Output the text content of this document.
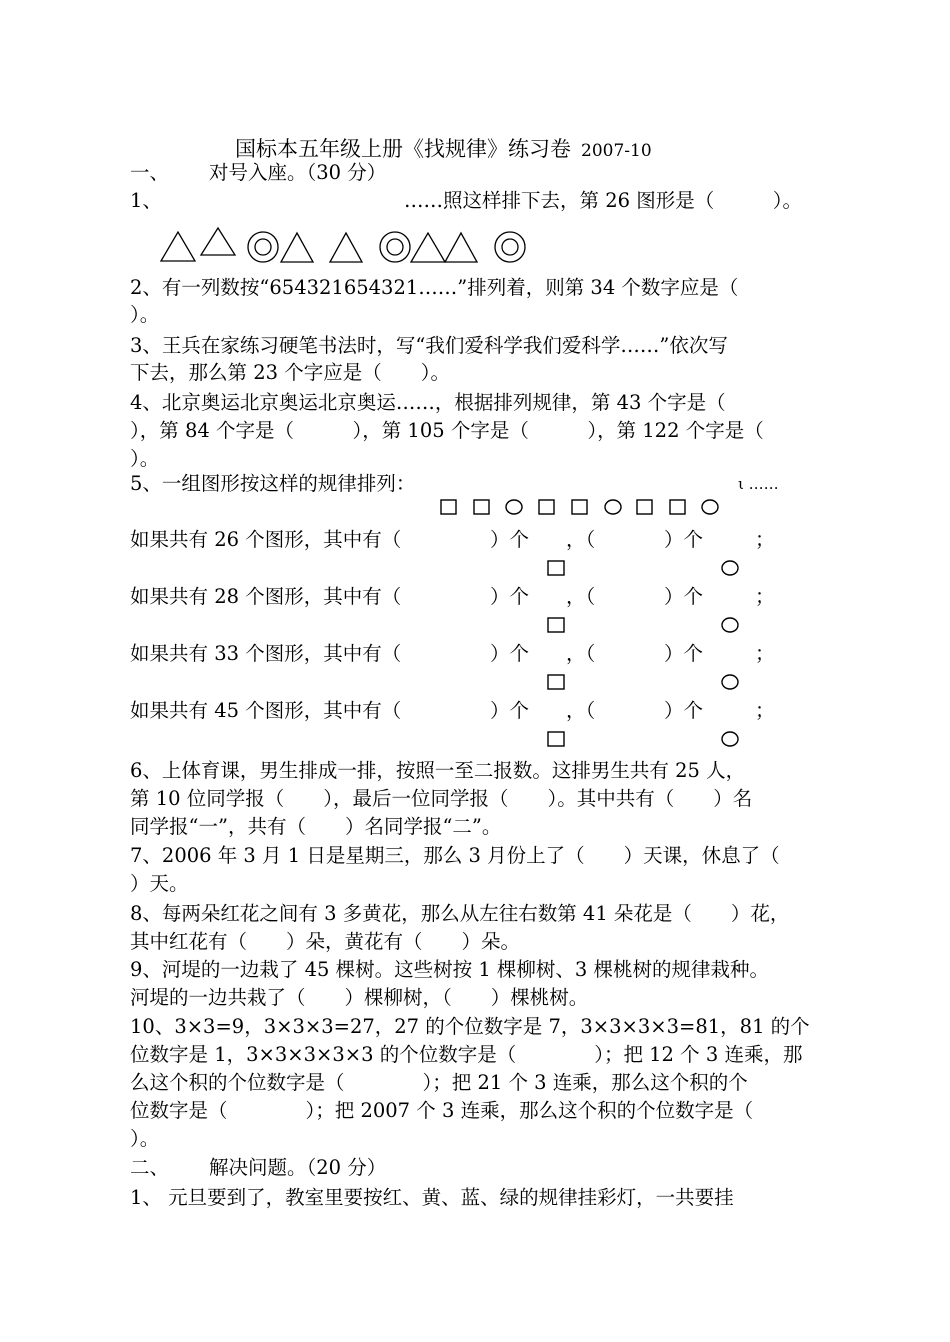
国标本五年级上册《找规律》练习卷 2007-10
一、 对号入座。（30 分）
1、	……照这样排下去，第 26 图形是（　　　）。
2、有一列数按“654321654321……”排列着，则第 34 个数字应是（
）。
3、王兵在家练习硬笔书法时，写“我们爱科学我们爱科学……”依次写
下去，那么第 23 个字应是（　　）。
4、北京奥运北京奥运北京奥运……，根据排列规律，第 43 个字是（
），第 84 个字是（　　　），第 105 个字是（　　　），第 122 个字是（
）。
5、一组图形按这样的规律排列：	ι ……
如果共有 26 个图形，其中有（	）个 ，（	）个	；
如果共有 28 个图形，其中有（	）个 ，（	）个	；
如果共有 33 个图形，其中有（	）个 ，（	）个	；
如果共有 45 个图形，其中有（	）个 ，（	）个	；
6、上体育课，男生排成一排，按照一至二报数。这排男生共有 25 人，
第 10 位同学报（　　），最后一位同学报（　　）。其中共有（　　）名
同学报“一”，共有（　　）名同学报“二”。
7、2006 年 3 月 1 日是星期三，那么 3 月份上了（　　）天课，休息了（
）天。
8、每两朵红花之间有 3 多黄花，那么从左往右数第 41 朵花是（　　）花，
其中红花有（　　）朵，黄花有（　　）朵。
9、河堤的一边栽了 45 棵树。这些树按 1 棵柳树、3 棵桃树的规律栽种。
河堤的一边共栽了（　　）棵柳树，（　　）棵桃树。
10、3×3=9，3×3×3=27，27 的个位数字是 7，3×3×3×3=81，81 的个
位数字是 1，3×3×3×3×3 的个位数字是（　　　　）；把 12 个 3 连乘，那
么这个积的个位数字是（　　　　）；把 21 个 3 连乘，那么这个积的个
位数字是（　　　　）；把 2007 个 3 连乘，那么这个积的个位数字是（
）。
二、 解决问题。（20 分）
1、 元旦要到了，教室里要按红、黄、蓝、绿的规律挂彩灯，一共要挂
